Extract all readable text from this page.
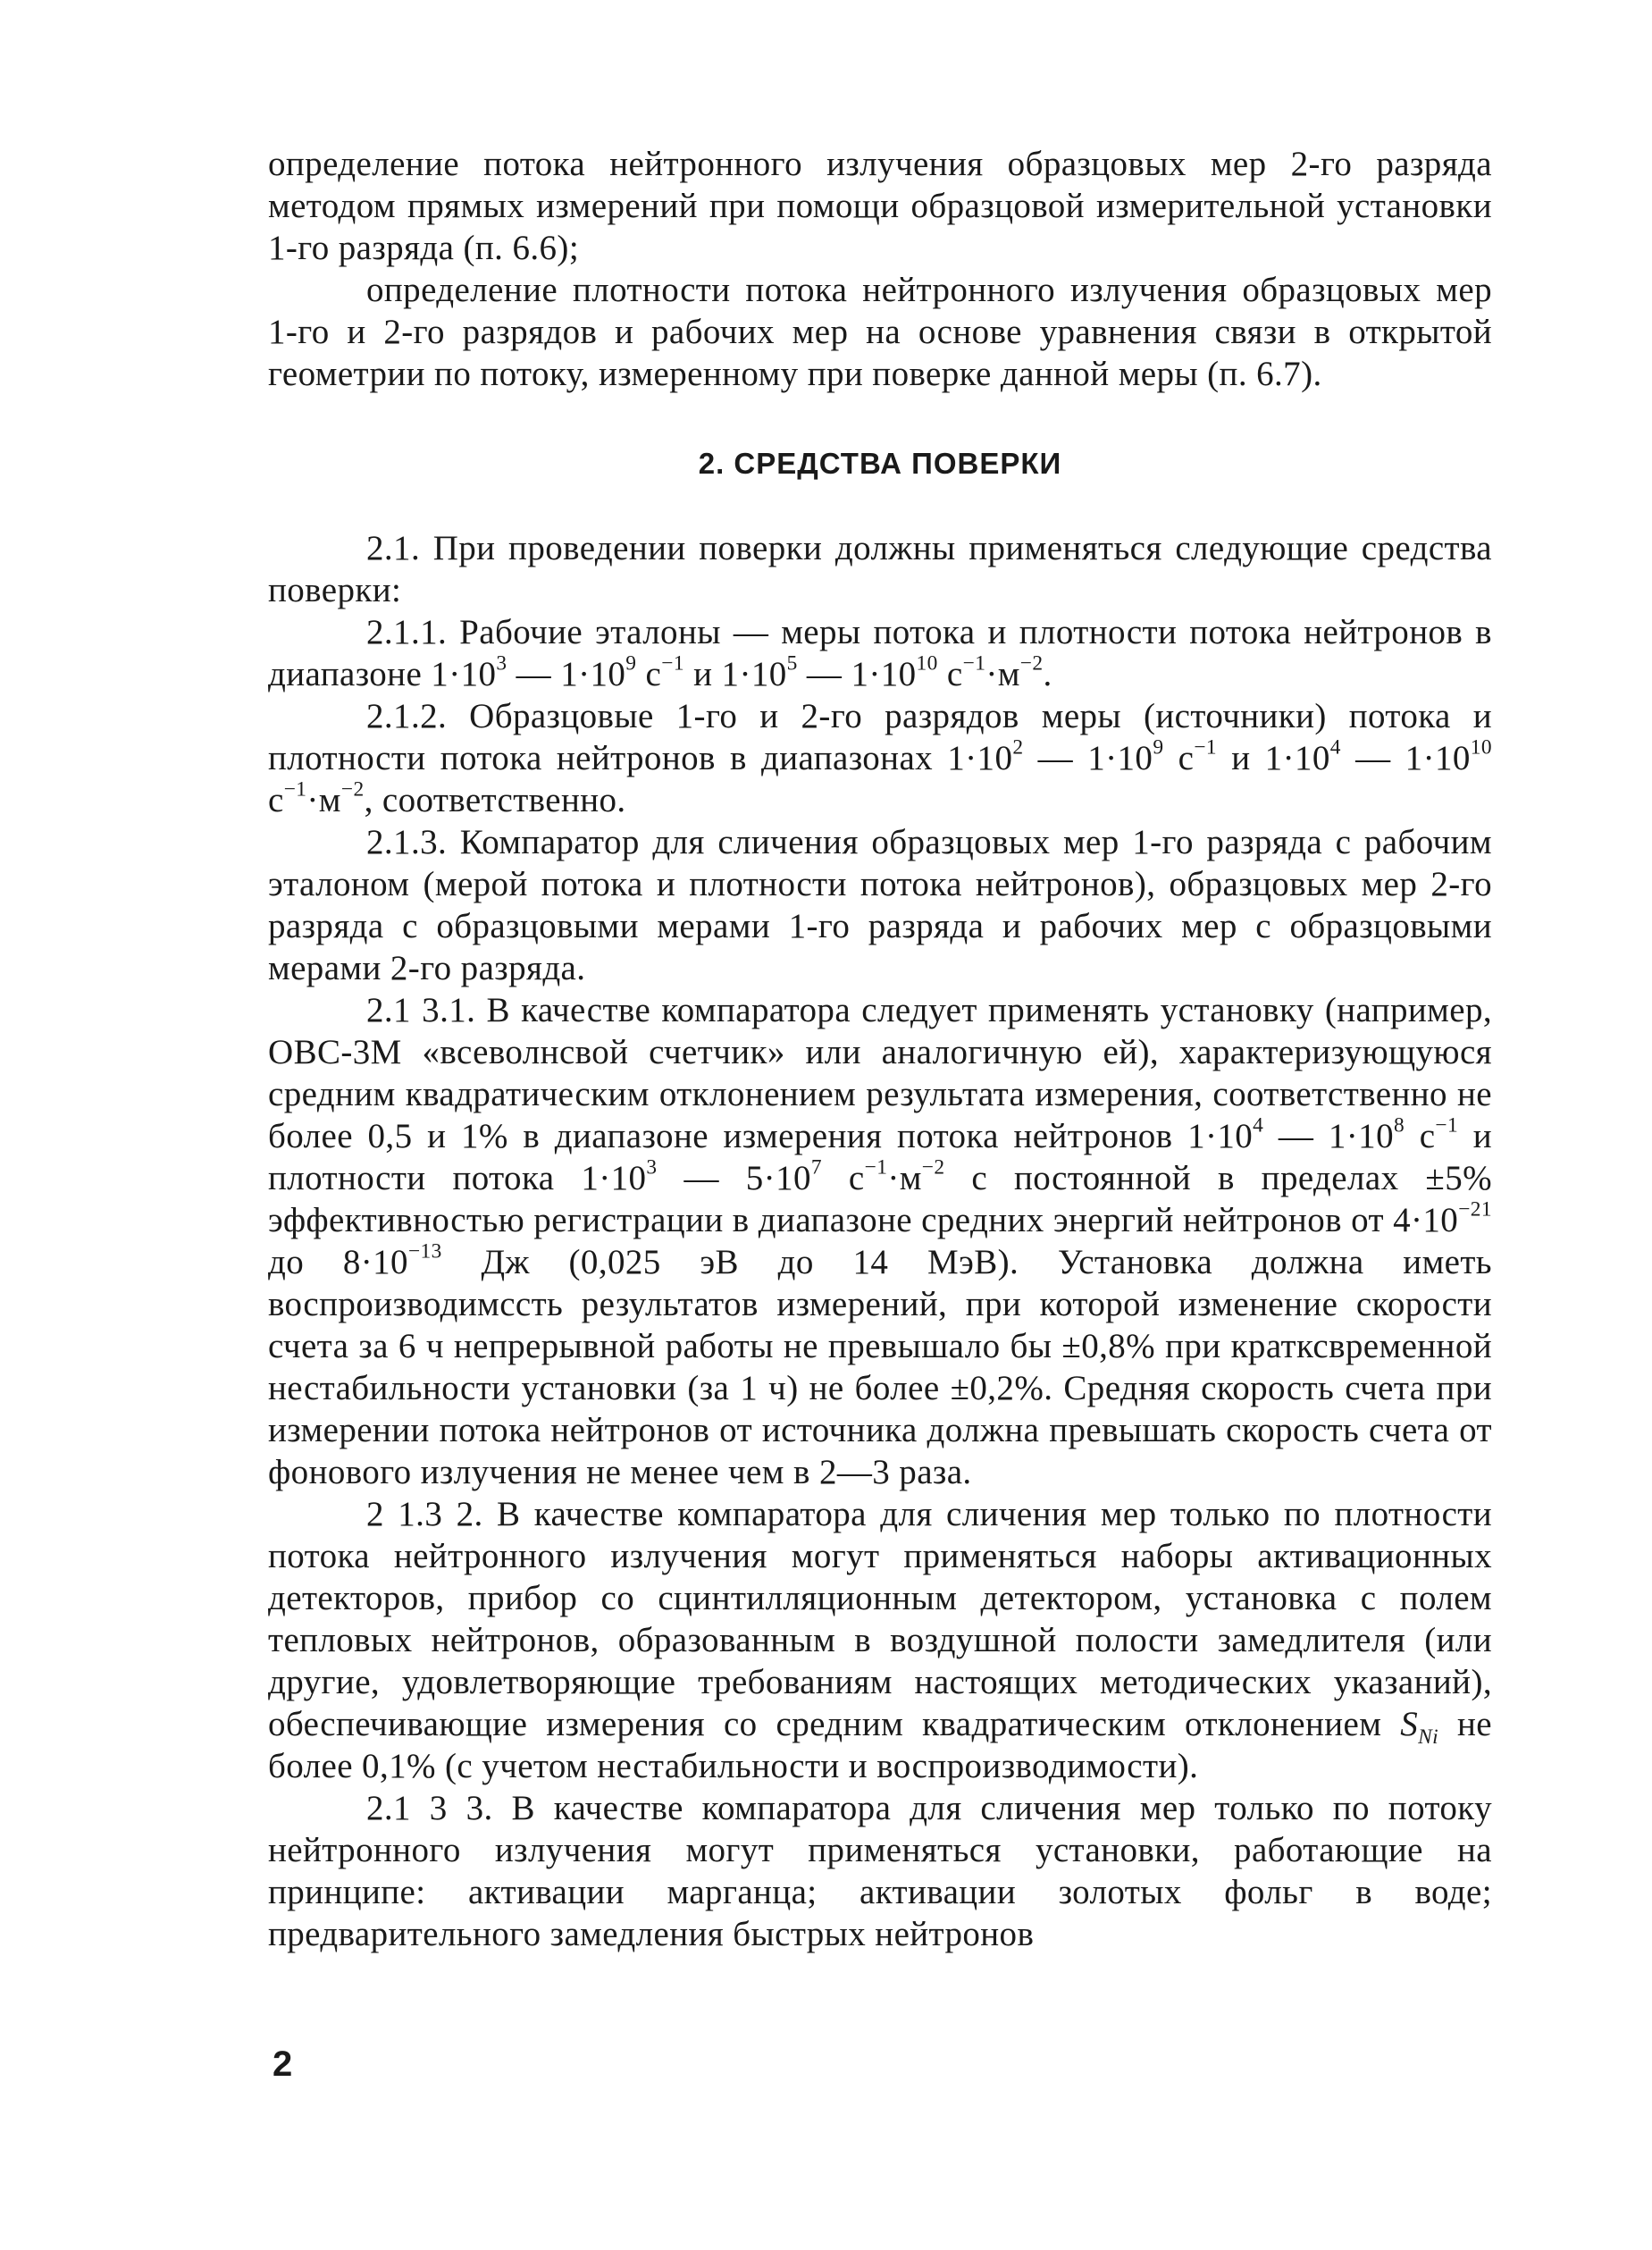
определение потока нейтронного излучения образцовых мер 2-го разряда методом прямых измерений при помощи образцовой измерительной установки 1-го разряда (п. 6.6);

определение плотности потока нейтронного излучения образцовых мер 1-го и 2-го разрядов и рабочих мер на основе уравнения связи в открытой геометрии по потоку, измеренному при поверке данной меры (п. 6.7).

2. СРЕДСТВА ПОВЕРКИ

2.1. При проведении поверки должны применяться следующие средства поверки:

2.1.1. Рабочие эталоны — меры потока и плотности потока нейтронов в диапазоне $1\cdot 10^3$ — $1\cdot 10^9$ $с^{-1}$ и $1\cdot 10^5$ — $1\cdot 10^{10}$ $с^{-1}\cdot м^{-2}$.

2.1.2. Образцовые 1-го и 2-го разрядов меры (источники) потока и плотности потока нейтронов в диапазонах $1\cdot 10^2$ — $1\cdot 10^9$ $с^{-1}$ и $1\cdot 10^4$ — $1\cdot 10^{10}$ $с^{-1}\cdot м^{-2}$, соответственно.

2.1.3. Компаратор для сличения образцовых мер 1-го разряда с рабочим эталоном (мерой потока и плотности потока нейтронов), образцовых мер 2-го разряда с образцовыми мерами 1-го разряда и рабочих мер с образцовыми мерами 2-го разряда.

2.1 3.1. В качестве компаратора следует применять установку (например, ОВС-3М «всеволнсвой счетчик» или аналогичную ей), характеризующуюся средним квадратическим отклонением результата измерения, соответственно не более 0,5 и 1% в диапазоне измерения потока нейтронов $1\cdot 10^4$ — $1\cdot 10^8$ $с^{-1}$ и плотности потока $1\cdot 10^3$ — $5\cdot 10^7$ $с^{-1}\cdot м^{-2}$ с постоянной в пределах ±5% эффективностью регистрации в диапазоне средних энергий нейтронов от $4\cdot 10^{-21}$ до $8\cdot 10^{-13}$ Дж (0,025 эВ до 14 МэВ). Установка должна иметь воспроизводимсcть результатов измерений, при которой изменение скорости счета за 6 ч непрерывной работы не превышало бы ±0,8% при кратксвременной нестабильности установки (за 1 ч) не более ±0,2%. Средняя скорость счета при измерении потока нейтронов от источника должна превышать скорость счета от фонового излучения не менее чем в 2—3 раза.

2 1.3 2. В качестве компаратора для сличения мер только по плотности потока нейтронного излучения могут применяться наборы активационных детекторов, прибор со сцинтилляционным детектором, установка с полем тепловых нейтронов, образованным в воздушной полости замедлителя (или другие, удовлетворяющие требованиям настоящих методических указаний), обеспечивающие измерения со средним квадратическим отклонением $S_{Ni}$ не более 0,1% (с учетом нестабильности и воспроизводимости).

2.1 3 3. В качестве компаратора для сличения мер только по потоку нейтронного излучения могут применяться установки, работающие на принципе: активации марганца; активации золотых фольг в воде; предварительного замедления быстрых нейтронов

2
